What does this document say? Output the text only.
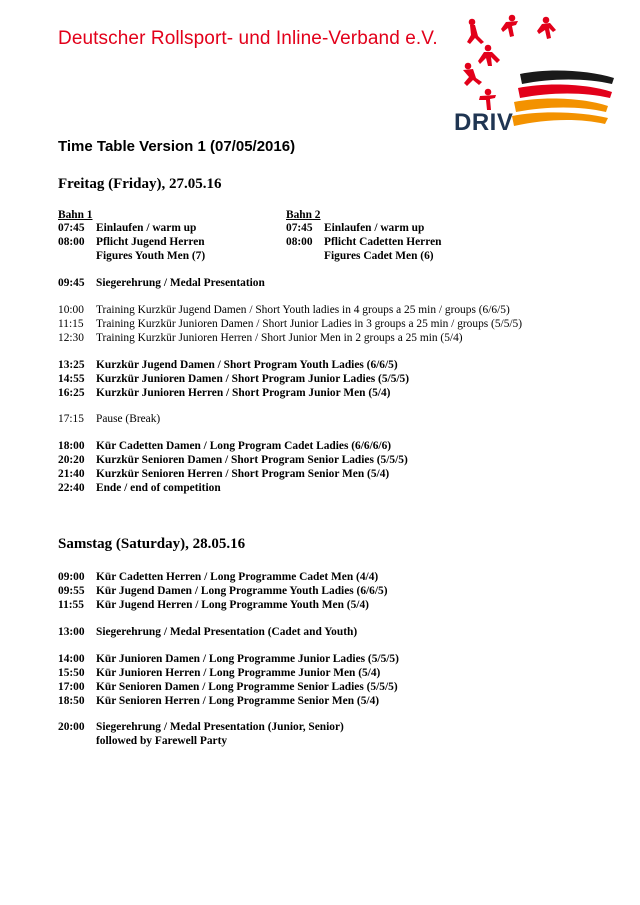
Deutscher Rollsport- und Inline-Verband e.V.
DRIV
Time Table Version 1 (07/05/2016)
Freitag (Friday), 27.05.16
Bahn 1
07:45 Einlaufen / warm up
08:00 Pflicht Jugend Herren
Figures Youth Men (7)
Bahn 2
07:45 Einlaufen / warm up
08:00 Pflicht Cadetten Herren
Figures Cadet Men (6)
09:45 Siegerehrung / Medal Presentation
10:00 Training Kurzkür Jugend Damen / Short Youth ladies in 4 groups a 25 min / groups (6/6/5)
11:15 Training Kurzkür Junioren Damen / Short Junior Ladies in 3 groups a 25 min / groups (5/5/5)
12:30 Training Kurzkür Junioren Herren / Short Junior Men in 2 groups a 25 min (5/4)
13:25 Kurzkür Jugend Damen / Short Program Youth Ladies (6/6/5)
14:55 Kurzkür Junioren Damen / Short Program Junior Ladies (5/5/5)
16:25 Kurzkür Junioren Herren / Short Program Junior Men (5/4)
17:15 Pause (Break)
18:00 Kür Cadetten Damen / Long Program Cadet Ladies (6/6/6/6)
20:20 Kurzkür Senioren Damen / Short Program Senior Ladies (5/5/5)
21:40 Kurzkür Senioren Herren / Short Program Senior Men (5/4)
22:40 Ende / end of competition
Samstag (Saturday), 28.05.16
09:00 Kür Cadetten Herren / Long Programme Cadet Men (4/4)
09:55 Kür Jugend Damen / Long Programme Youth Ladies (6/6/5)
11:55 Kür Jugend Herren / Long Programme Youth Men (5/4)
13:00 Siegerehrung / Medal Presentation (Cadet and Youth)
14:00 Kür Junioren Damen / Long Programme Junior Ladies (5/5/5)
15:50 Kür Junioren Herren / Long Programme Junior Men (5/4)
17:00 Kür Senioren Damen / Long Programme Senior Ladies (5/5/5)
18:50 Kür Senioren Herren / Long Programme Senior Men (5/4)
20:00 Siegerehrung / Medal Presentation (Junior, Senior)
followed by Farewell Party
